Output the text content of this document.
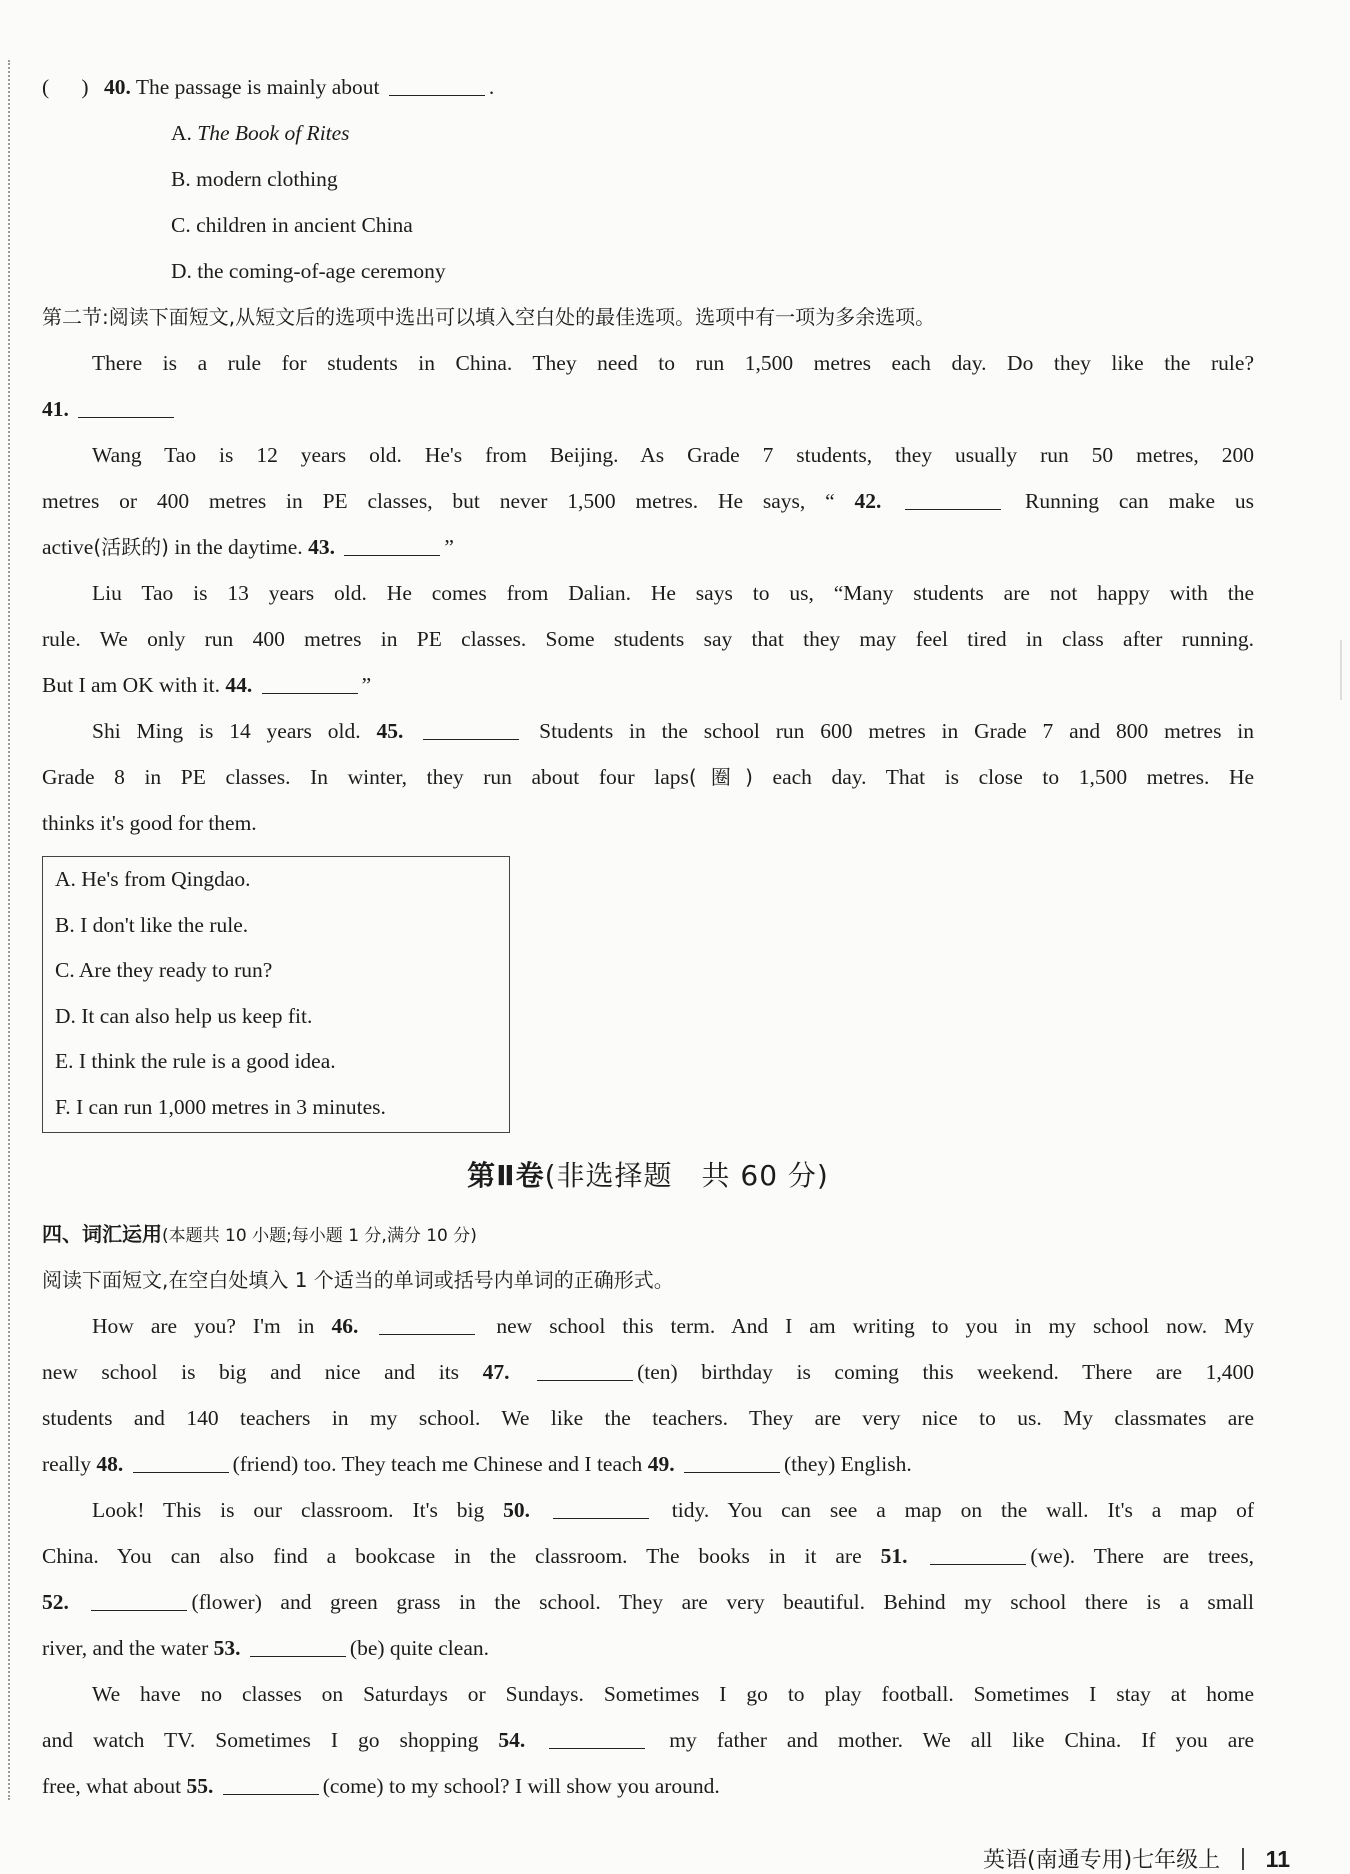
(      ) 40. The passage is mainly about	.
A. The Book of Rites
B. modern clothing
C. children in ancient China
D. the coming-of-age ceremony
第二节:阅读下面短文,从短文后的选项中选出可以填入空白处的最佳选项。选项中有一项为多余选项。
There is a rule for students in China. They need to run 1,500 metres each day. Do they like the rule?
41.
Wang Tao is 12 years old. He's from Beijing. As Grade 7 students, they usually run 50 metres, 200
metres or 400 metres in PE classes, but never 1,500 metres. He says, “ 42.	Running can make us
active(活跃的) in the daytime. 43.	”
Liu Tao is 13 years old. He comes from Dalian. He says to us, “Many students are not happy with the
rule. We only run 400 metres in PE classes. Some students say that they may feel tired in class after running.
But I am OK with it. 44.	”
Shi Ming is 14 years old. 45.	Students in the school run 600 metres in Grade 7 and 800 metres in
Grade 8 in PE classes. In winter, they run about four laps(圈) each day. That is close to 1,500 metres. He
thinks it's good for them.
A. He's from Qingdao.
B. I don't like the rule.
C. Are they ready to run?
D. It can also help us keep fit.
E. I think the rule is a good idea.
F. I can run 1,000 metres in 3 minutes.
第Ⅱ卷(非选择题　共 60 分)
四、词汇运用(本题共 10 小题;每小题 1 分,满分 10 分)
阅读下面短文,在空白处填入 1 个适当的单词或括号内单词的正确形式。
How are you? I'm in 46.	new school this term. And I am writing to you in my school now. My
new school is big and nice and its 47.	(ten) birthday is coming this weekend. There are 1,400
students and 140 teachers in my school. We like the teachers. They are very nice to us. My classmates are
really 48.	(friend) too. They teach me Chinese and I teach 49.	(they) English.
Look! This is our classroom. It's big 50.	tidy. You can see a map on the wall. It's a map of
China. You can also find a bookcase in the classroom. The books in it are 51.	(we). There are trees,
52.	(flower) and green grass in the school. They are very beautiful. Behind my school there is a small
river, and the water 53.	(be) quite clean.
We have no classes on Saturdays or Sundays. Sometimes I go to play football. Sometimes I stay at home
and watch TV. Sometimes I go shopping 54.	my father and mother. We all like China. If you are
free, what about 55.	(come) to my school? I will show you around.
英语(南通专用)七年级上 11
